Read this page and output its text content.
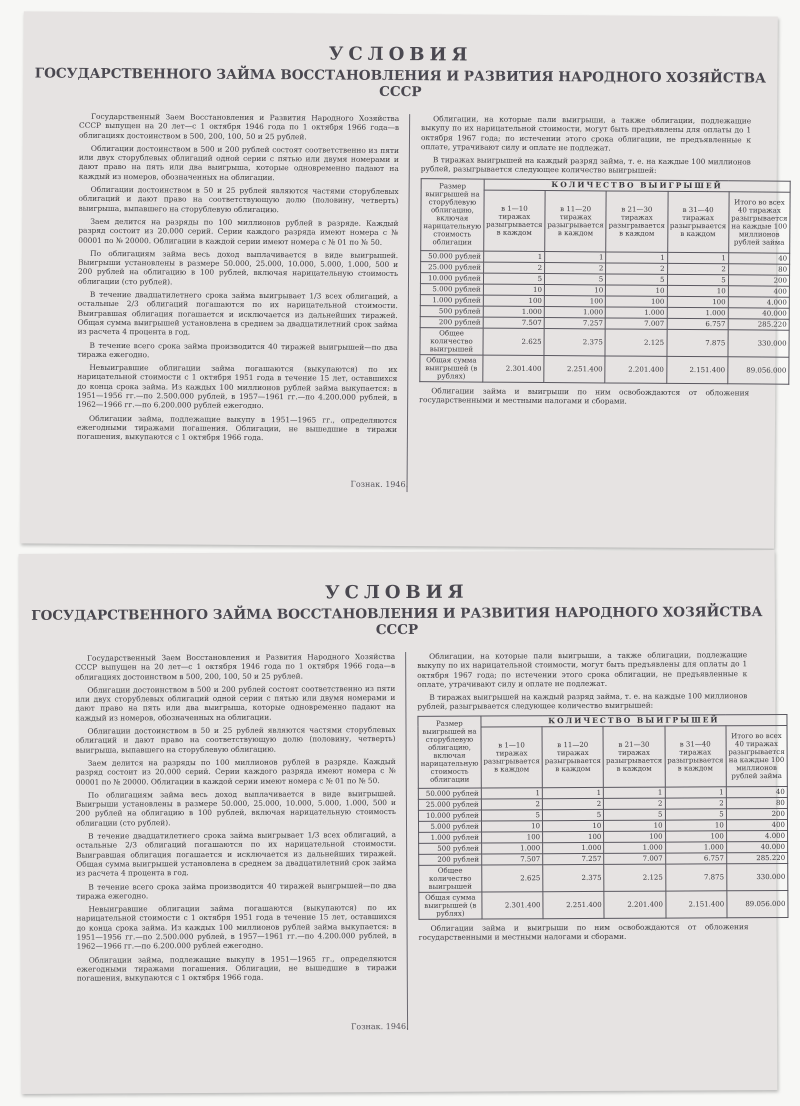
УСЛОВИЯ
ГОСУДАРСТВЕННОГО ЗАЙМА ВОССТАНОВЛЕНИЯ И РАЗВИТИЯ НАРОДНОГО ХОЗЯЙСТВА СССР

Государственный Заем Восстановления и Развития Народного Хозяйства СССР выпущен на 20 лет—с 1 октября 1946 года по 1 октября 1966 года—в облигациях достоинством в 500, 200, 100, 50 и 25 рублей.

Облигации достоинством в 500 и 200 рублей состоят соответственно из пяти или двух сторублевых облигаций одной серии с пятью или двумя номерами и дают право на пять или два выигрыша, которые одновременно падают на каждый из номеров, обозначенных на облигации.

Облигации достоинством в 50 и 25 рублей являются частями сторублевых облигаций и дают право на соответствующую долю (половину, четверть) выигрыша, выпавшего на сторублевую облигацию.

Заем делится на разряды по 100 миллионов рублей в разряде. Каждый разряд состоит из 20.000 серий. Серии каждого разряда имеют номера с № 00001 по № 20000. Облигации в каждой серии имеют номера с № 01 по № 50.

По облигациям займа весь доход выплачивается в виде выигрышей. Выигрыши установлены в размере 50.000, 25.000, 10.000, 5.000, 1.000, 500 и 200 рублей на облигацию в 100 рублей, включая нарицательную стоимость облигации (сто рублей).

В течение двадцатилетнего срока займа выигрывает 1/3 всех облигаций, а остальные 2/3 облигаций погашаются по их нарицательной стоимости. Выигравшая облигация погашается и исключается из дальнейших тиражей. Общая сумма выигрышей установлена в среднем за двадцатилетний срок займа из расчета 4 процента в год.

В течение всего срока займа производится 40 тиражей выигрышей—по два тиража ежегодно.

Невыигравшие облигации займа погашаются (выкупаются) по их нарицательной стоимости с 1 октября 1951 года в течение 15 лет, оставшихся до конца срока займа. Из каждых 100 миллионов рублей займа выкупается: в 1951—1956 гг.—по 2.500.000 рублей, в 1957—1961 гг.—по 4.200.000 рублей, в 1962—1966 гг.—по 6.200.000 рублей ежегодно.

Облигации займа, подлежащие выкупу в 1951—1965 гг., определяются ежегодными тиражами погашения. Облигации, не вышедшие в тиражи погашения, выкупаются с 1 октября 1966 года.

Облигации, на которые пали выигрыши, а также облигации, подлежащие выкупу по их нарицательной стоимости, могут быть предъявлены для оплаты до 1 октября 1967 года; по истечении этого срока облигации, не предъявленные к оплате, утрачивают силу и оплате не подлежат.

В тиражах выигрышей на каждый разряд займа, т. е. на каждые 100 миллионов рублей, разыгрывается следующее количество выигрышей:

Размер выигрышей на сторублевую облигацию, включая нарицательную стоимость облигации	КОЛИЧЕСТВО ВЫИГРЫШЕЙ				
	в 1—10 тиражах разыгрывается в каждом	в 11—20 тиражах разыгрывается в каждом	в 21—30 тиражах разыгрывается в каждом	в 31—40 тиражах разыгрывается в каждом	Итого во всех 40 тиражах разыгрывается на каждые 100 миллионов рублей займа
50.000 рублей	1	1	1	1	40
25.000 рублей	2	2	2	2	80
10.000 рублей	5	5	5	5	200
5.000 рублей	10	10	10	10	400
1.000 рублей	100	100	100	100	4.000
500 рублей	1.000	1.000	1.000	1.000	40.000
200 рублей	7.507	7.257	7.007	6.757	285.220
Общее количество выигрышей	2.625	2.375	2.125	7.875	330.000
Общая сумма выигрышей (в рублях)	2.301.400	2.251.400	2.201.400	2.151.400	89.056.000
Облигации займа и выигрыши по ним освобождаются от обложения государственными и местными налогами и сборами.
Гознак. 1946.
УСЛОВИЯ
ГОСУДАРСТВЕННОГО ЗАЙМА ВОССТАНОВЛЕНИЯ И РАЗВИТИЯ НАРОДНОГО ХОЗЯЙСТВА СССР

Государственный Заем Восстановления и Развития Народного Хозяйства СССР выпущен на 20 лет—с 1 октября 1946 года по 1 октября 1966 года—в облигациях достоинством в 500, 200, 100, 50 и 25 рублей.

Облигации достоинством в 500 и 200 рублей состоят соответственно из пяти или двух сторублевых облигаций одной серии с пятью или двумя номерами и дают право на пять или два выигрыша, которые одновременно падают на каждый из номеров, обозначенных на облигации.

Облигации достоинством в 50 и 25 рублей являются частями сторублевых облигаций и дают право на соответствующую долю (половину, четверть) выигрыша, выпавшего на сторублевую облигацию.

Заем делится на разряды по 100 миллионов рублей в разряде. Каждый разряд состоит из 20.000 серий. Серии каждого разряда имеют номера с № 00001 по № 20000. Облигации в каждой серии имеют номера с № 01 по № 50.

По облигациям займа весь доход выплачивается в виде выигрышей. Выигрыши установлены в размере 50.000, 25.000, 10.000, 5.000, 1.000, 500 и 200 рублей на облигацию в 100 рублей, включая нарицательную стоимость облигации (сто рублей).

В течение двадцатилетнего срока займа выигрывает 1/3 всех облигаций, а остальные 2/3 облигаций погашаются по их нарицательной стоимости. Выигравшая облигация погашается и исключается из дальнейших тиражей. Общая сумма выигрышей установлена в среднем за двадцатилетний срок займа из расчета 4 процента в год.

В течение всего срока займа производится 40 тиражей выигрышей—по два тиража ежегодно.

Невыигравшие облигации займа погашаются (выкупаются) по их нарицательной стоимости с 1 октября 1951 года в течение 15 лет, оставшихся до конца срока займа. Из каждых 100 миллионов рублей займа выкупается: в 1951—1956 гг.—по 2.500.000 рублей, в 1957—1961 гг.—по 4.200.000 рублей, в 1962—1966 гг.—по 6.200.000 рублей ежегодно.

Облигации займа, подлежащие выкупу в 1951—1965 гг., определяются ежегодными тиражами погашения. Облигации, не вышедшие в тиражи погашения, выкупаются с 1 октября 1966 года.

Облигации, на которые пали выигрыши, а также облигации, подлежащие выкупу по их нарицательной стоимости, могут быть предъявлены для оплаты до 1 октября 1967 года; по истечении этого срока облигации, не предъявленные к оплате, утрачивают силу и оплате не подлежат.

В тиражах выигрышей на каждый разряд займа, т. е. на каждые 100 миллионов рублей, разыгрывается следующее количество выигрышей:

Размер выигрышей на сторублевую облигацию, включая нарицательную стоимость облигации	КОЛИЧЕСТВО ВЫИГРЫШЕЙ				
	в 1—10 тиражах разыгрывается в каждом	в 11—20 тиражах разыгрывается в каждом	в 21—30 тиражах разыгрывается в каждом	в 31—40 тиражах разыгрывается в каждом	Итого во всех 40 тиражах разыгрывается на каждые 100 миллионов рублей займа
50.000 рублей	1	1	1	1	40
25.000 рублей	2	2	2	2	80
10.000 рублей	5	5	5	5	200
5.000 рублей	10	10	10	10	400
1.000 рублей	100	100	100	100	4.000
500 рублей	1.000	1.000	1.000	1.000	40.000
200 рублей	7.507	7.257	7.007	6.757	285.220
Общее количество выигрышей	2.625	2.375	2.125	7.875	330.000
Общая сумма выигрышей (в рублях)	2.301.400	2.251.400	2.201.400	2.151.400	89.056.000
Облигации займа и выигрыши по ним освобождаются от обложения государственными и местными налогами и сборами.
Гознак. 1946.
